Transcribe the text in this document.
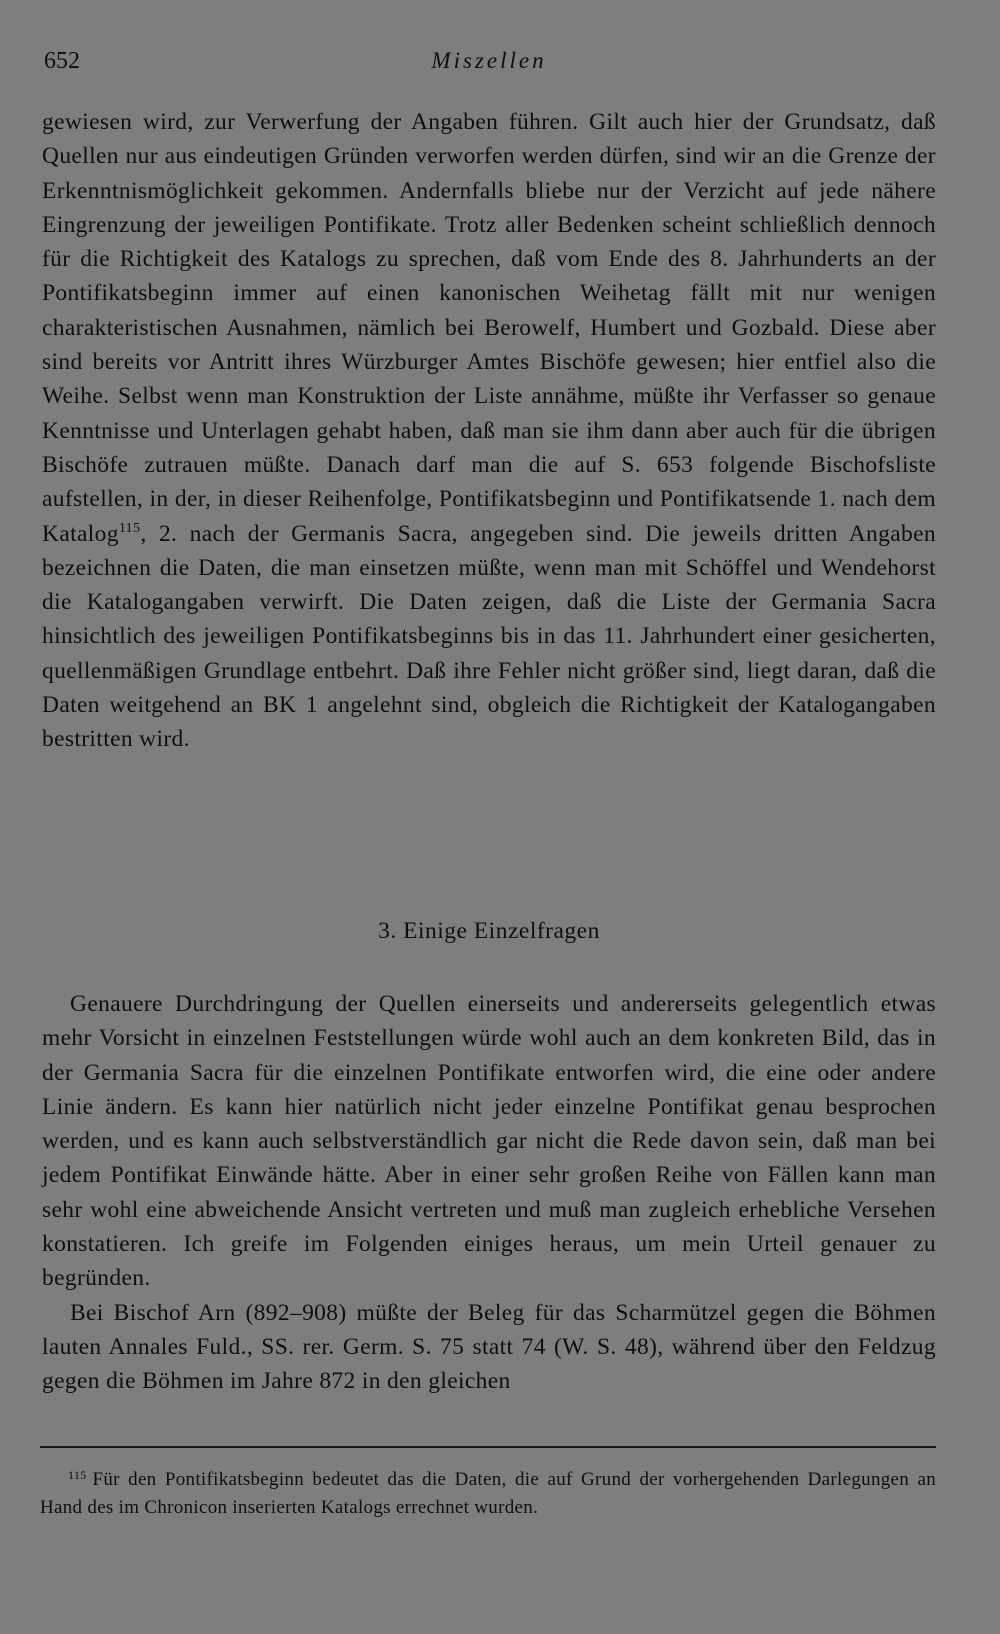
652	Miszellen

gewiesen wird, zur Verwerfung der Angaben führen. Gilt auch hier der Grundsatz, daß Quellen nur aus eindeutigen Gründen verworfen werden dürfen, sind wir an die Grenze der Erkenntnismöglichkeit gekommen. Andernfalls bliebe nur der Verzicht auf jede nähere Eingrenzung der jeweiligen Pontifikate. Trotz aller Bedenken scheint schließlich dennoch für die Richtigkeit des Katalogs zu sprechen, daß vom Ende des 8. Jahrhunderts an der Pontifikatsbeginn immer auf einen kanonischen Weihetag fällt mit nur wenigen charakteristischen Ausnahmen, nämlich bei Berowelf, Humbert und Gozbald. Diese aber sind bereits vor Antritt ihres Würzburger Amtes Bischöfe gewesen; hier entfiel also die Weihe. Selbst wenn man Konstruktion der Liste annähme, müßte ihr Verfasser so genaue Kenntnisse und Unterlagen gehabt haben, daß man sie ihm dann aber auch für die übrigen Bischöfe zutrauen müßte. Danach darf man die auf S. 653 folgende Bischofsliste aufstellen, in der, in dieser Reihenfolge, Pontifikatsbeginn und Pontifikatsende 1. nach dem Katalog$^{115}$, 2. nach der Germanis Sacra, angegeben sind. Die jeweils dritten Angaben bezeichnen die Daten, die man einsetzen müßte, wenn man mit Schöffel und Wendehorst die Katalogangaben verwirft. Die Daten zeigen, daß die Liste der Germania Sacra hinsichtlich des jeweiligen Pontifikatsbeginns bis in das 11. Jahrhundert einer gesicherten, quellenmäßigen Grundlage entbehrt. Daß ihre Fehler nicht größer sind, liegt daran, daß die Daten weitgehend an BK 1 angelehnt sind, obgleich die Richtigkeit der Katalogangaben bestritten wird.

3. Einige Einzelfragen

Genauere Durchdringung der Quellen einerseits und andererseits gelegentlich etwas mehr Vorsicht in einzelnen Feststellungen würde wohl auch an dem konkreten Bild, das in der Germania Sacra für die einzelnen Pontifikate entworfen wird, die eine oder andere Linie ändern. Es kann hier natürlich nicht jeder einzelne Pontifikat genau besprochen werden, und es kann auch selbstverständlich gar nicht die Rede davon sein, daß man bei jedem Pontifikat Einwände hätte. Aber in einer sehr großen Reihe von Fällen kann man sehr wohl eine abweichende Ansicht vertreten und muß man zugleich erhebliche Versehen konstatieren. Ich greife im Folgenden einiges heraus, um mein Urteil genauer zu begründen.

Bei Bischof Arn (892–908) müßte der Beleg für das Scharmützel gegen die Böhmen lauten Annales Fuld., SS. rer. Germ. S. 75 statt 74 (W. S. 48), während über den Feldzug gegen die Böhmen im Jahre 872 in den gleichen

$^{115}$ Für den Pontifikatsbeginn bedeutet das die Daten, die auf Grund der vorhergehenden Darlegungen an Hand des im Chronicon inserierten Katalogs errechnet wurden.
